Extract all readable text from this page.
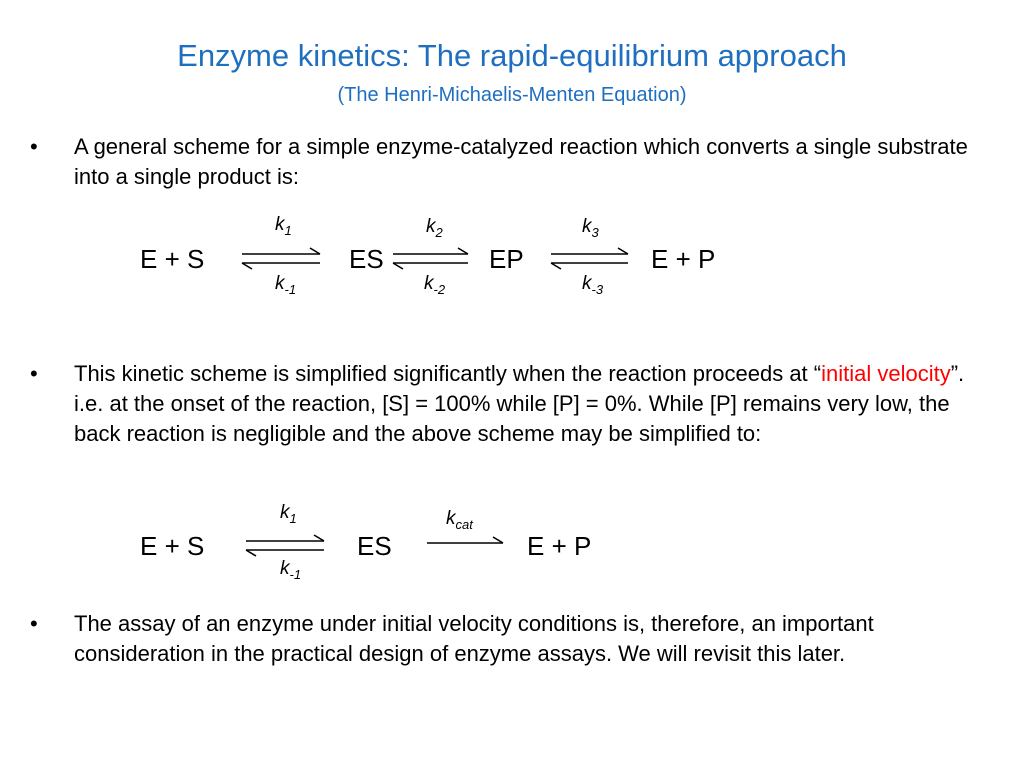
Enzyme kinetics: The rapid-equilibrium approach
(The Henri-Michaelis-Menten Equation)
• A general scheme for a simple enzyme-catalyzed reaction which converts a single substrate into a single product is:
E + S	ES	EP	E + P
$k_1$	$k_2$	$k_3$
$k_{-1}$	$k_{-2}$	$k_{-3}$
• This kinetic scheme is simplified significantly when the reaction proceeds at “initial velocity”. i.e. at the onset of the reaction, [S] = 100% while [P] = 0%. While [P] remains very low, the back reaction is negligible and the above scheme may be simplified to:
E + S	ES	E + P
$k_1$
$k_{-1}$
$k_{cat}$
• The assay of an enzyme under initial velocity conditions is, therefore, an important consideration in the practical design of enzyme assays. We will revisit this later.
